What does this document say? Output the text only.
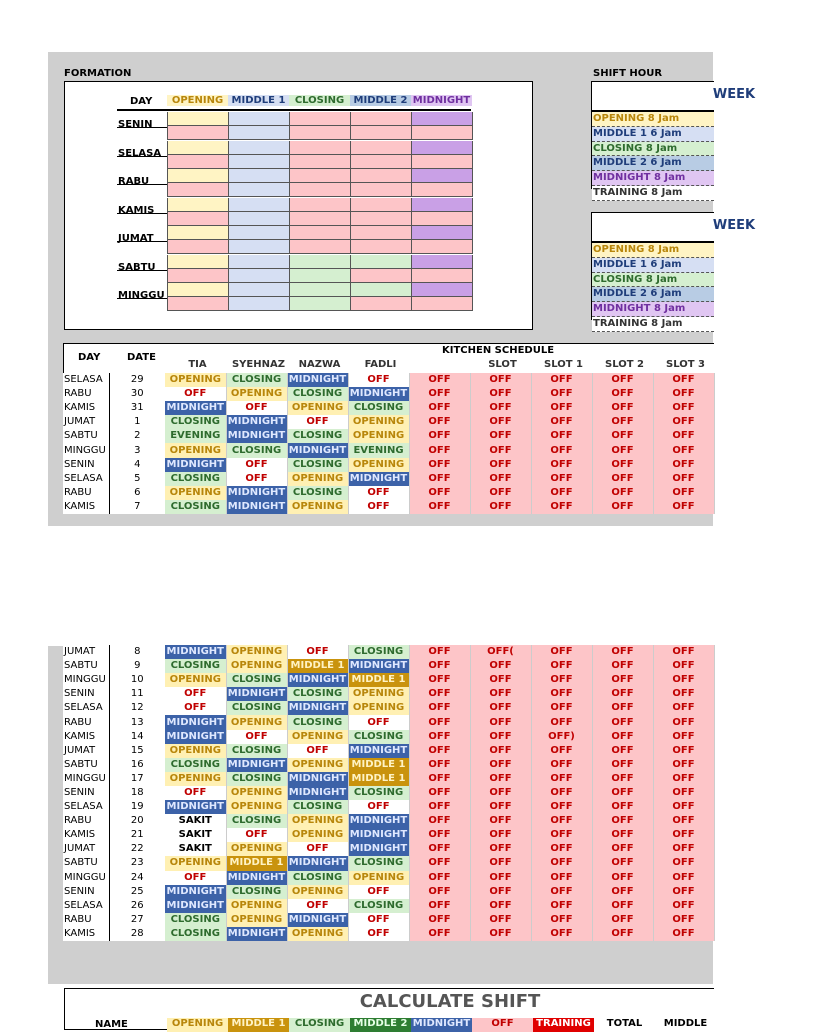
FORMATION	SHIFT HOUR
DAY	OPENING MIDDLE 1 CLOSING MIDDLE 2 MIDNIGHT
SENIN
SELASA
RABU
KAMIS
JUMAT
SABTU
MINGGU
WEEK
OPENING 8 Jam
MIDDLE 1 6 Jam
CLOSING 8 Jam
MIDDLE 2 6 Jam
MIDNIGHT 8 Jam
TRAINING 8 Jam
WEEK
OPENING 8 Jam
MIDDLE 1 6 Jam
CLOSING 8 Jam
MIDDLE 2 6 Jam
MIDNIGHT 8 Jam
TRAINING 8 Jam
DAY	DATE
KITCHEN SCHEDULE
TIA	SYEHNAZ	NAZWA	FADLI	SLOT	SLOT 1	SLOT 2	SLOT 3
SELASA	29	OPENING	CLOSING	MIDNIGHT	OFF	OFF	OFF	OFF	OFF	OFF
RABU	30	OFF	OPENING	CLOSING	MIDNIGHT	OFF	OFF	OFF	OFF	OFF
KAMIS	31	MIDNIGHT	OFF	OPENING	CLOSING	OFF	OFF	OFF	OFF	OFF
JUMAT	1	CLOSING	MIDNIGHT	OFF	OPENING	OFF	OFF	OFF	OFF	OFF
SABTU	2	EVENING	MIDNIGHT	CLOSING	OPENING	OFF	OFF	OFF	OFF	OFF
MINGGU	3	OPENING	CLOSING	MIDNIGHT	EVENING	OFF	OFF	OFF	OFF	OFF
SENIN	4	MIDNIGHT	OFF	CLOSING	OPENING	OFF	OFF	OFF	OFF	OFF
SELASA	5	CLOSING	OFF	OPENING	MIDNIGHT	OFF	OFF	OFF	OFF	OFF
RABU	6	OPENING	MIDNIGHT	CLOSING	OFF	OFF	OFF	OFF	OFF	OFF
KAMIS	7	CLOSING	MIDNIGHT	OPENING	OFF	OFF	OFF	OFF	OFF	OFF
JUMAT	8	MIDNIGHT	OPENING	OFF	CLOSING	OFF	OFF(	OFF	OFF	OFF
SABTU	9	CLOSING	OPENING	MIDDLE 1	MIDNIGHT	OFF	OFF	OFF	OFF	OFF
MINGGU	10	OPENING	CLOSING	MIDNIGHT	MIDDLE 1	OFF	OFF	OFF	OFF	OFF
SENIN	11	OFF	MIDNIGHT	CLOSING	OPENING	OFF	OFF	OFF	OFF	OFF
SELASA	12	OFF	CLOSING	MIDNIGHT	OPENING	OFF	OFF	OFF	OFF	OFF
RABU	13	MIDNIGHT	OPENING	CLOSING	OFF	OFF	OFF	OFF	OFF	OFF
KAMIS	14	MIDNIGHT	OFF	OPENING	CLOSING	OFF	OFF	OFF)	OFF	OFF
JUMAT	15	OPENING	CLOSING	OFF	MIDNIGHT	OFF	OFF	OFF	OFF	OFF
SABTU	16	CLOSING	MIDNIGHT	OPENING	MIDDLE 1	OFF	OFF	OFF	OFF	OFF
MINGGU	17	OPENING	CLOSING	MIDNIGHT	MIDDLE 1	OFF	OFF	OFF	OFF	OFF
SENIN	18	OFF	OPENING	MIDNIGHT	CLOSING	OFF	OFF	OFF	OFF	OFF
SELASA	19	MIDNIGHT	OPENING	CLOSING	OFF	OFF	OFF	OFF	OFF	OFF
RABU	20	SAKIT	CLOSING	OPENING	MIDNIGHT	OFF	OFF	OFF	OFF	OFF
KAMIS	21	SAKIT	OFF	OPENING	MIDNIGHT	OFF	OFF	OFF	OFF	OFF
JUMAT	22	SAKIT	OPENING	OFF	MIDNIGHT	OFF	OFF	OFF	OFF	OFF
SABTU	23	OPENING	MIDDLE 1	MIDNIGHT	CLOSING	OFF	OFF	OFF	OFF	OFF
MINGGU	24	OFF	MIDNIGHT	CLOSING	OPENING	OFF	OFF	OFF	OFF	OFF
SENIN	25	MIDNIGHT	CLOSING	OPENING	OFF	OFF	OFF	OFF	OFF	OFF
SELASA	26	MIDNIGHT	OPENING	OFF	CLOSING	OFF	OFF	OFF	OFF	OFF
RABU	27	CLOSING	OPENING	MIDNIGHT	OFF	OFF	OFF	OFF	OFF	OFF
KAMIS	28	CLOSING	MIDNIGHT	OPENING	OFF	OFF	OFF	OFF	OFF	OFF
CALCULATE SHIFT
NAME	OPENING MIDDLE 1 CLOSING MIDDLE 2 MIDNIGHT	OFF	TRAINING	TOTAL	MIDDLE
